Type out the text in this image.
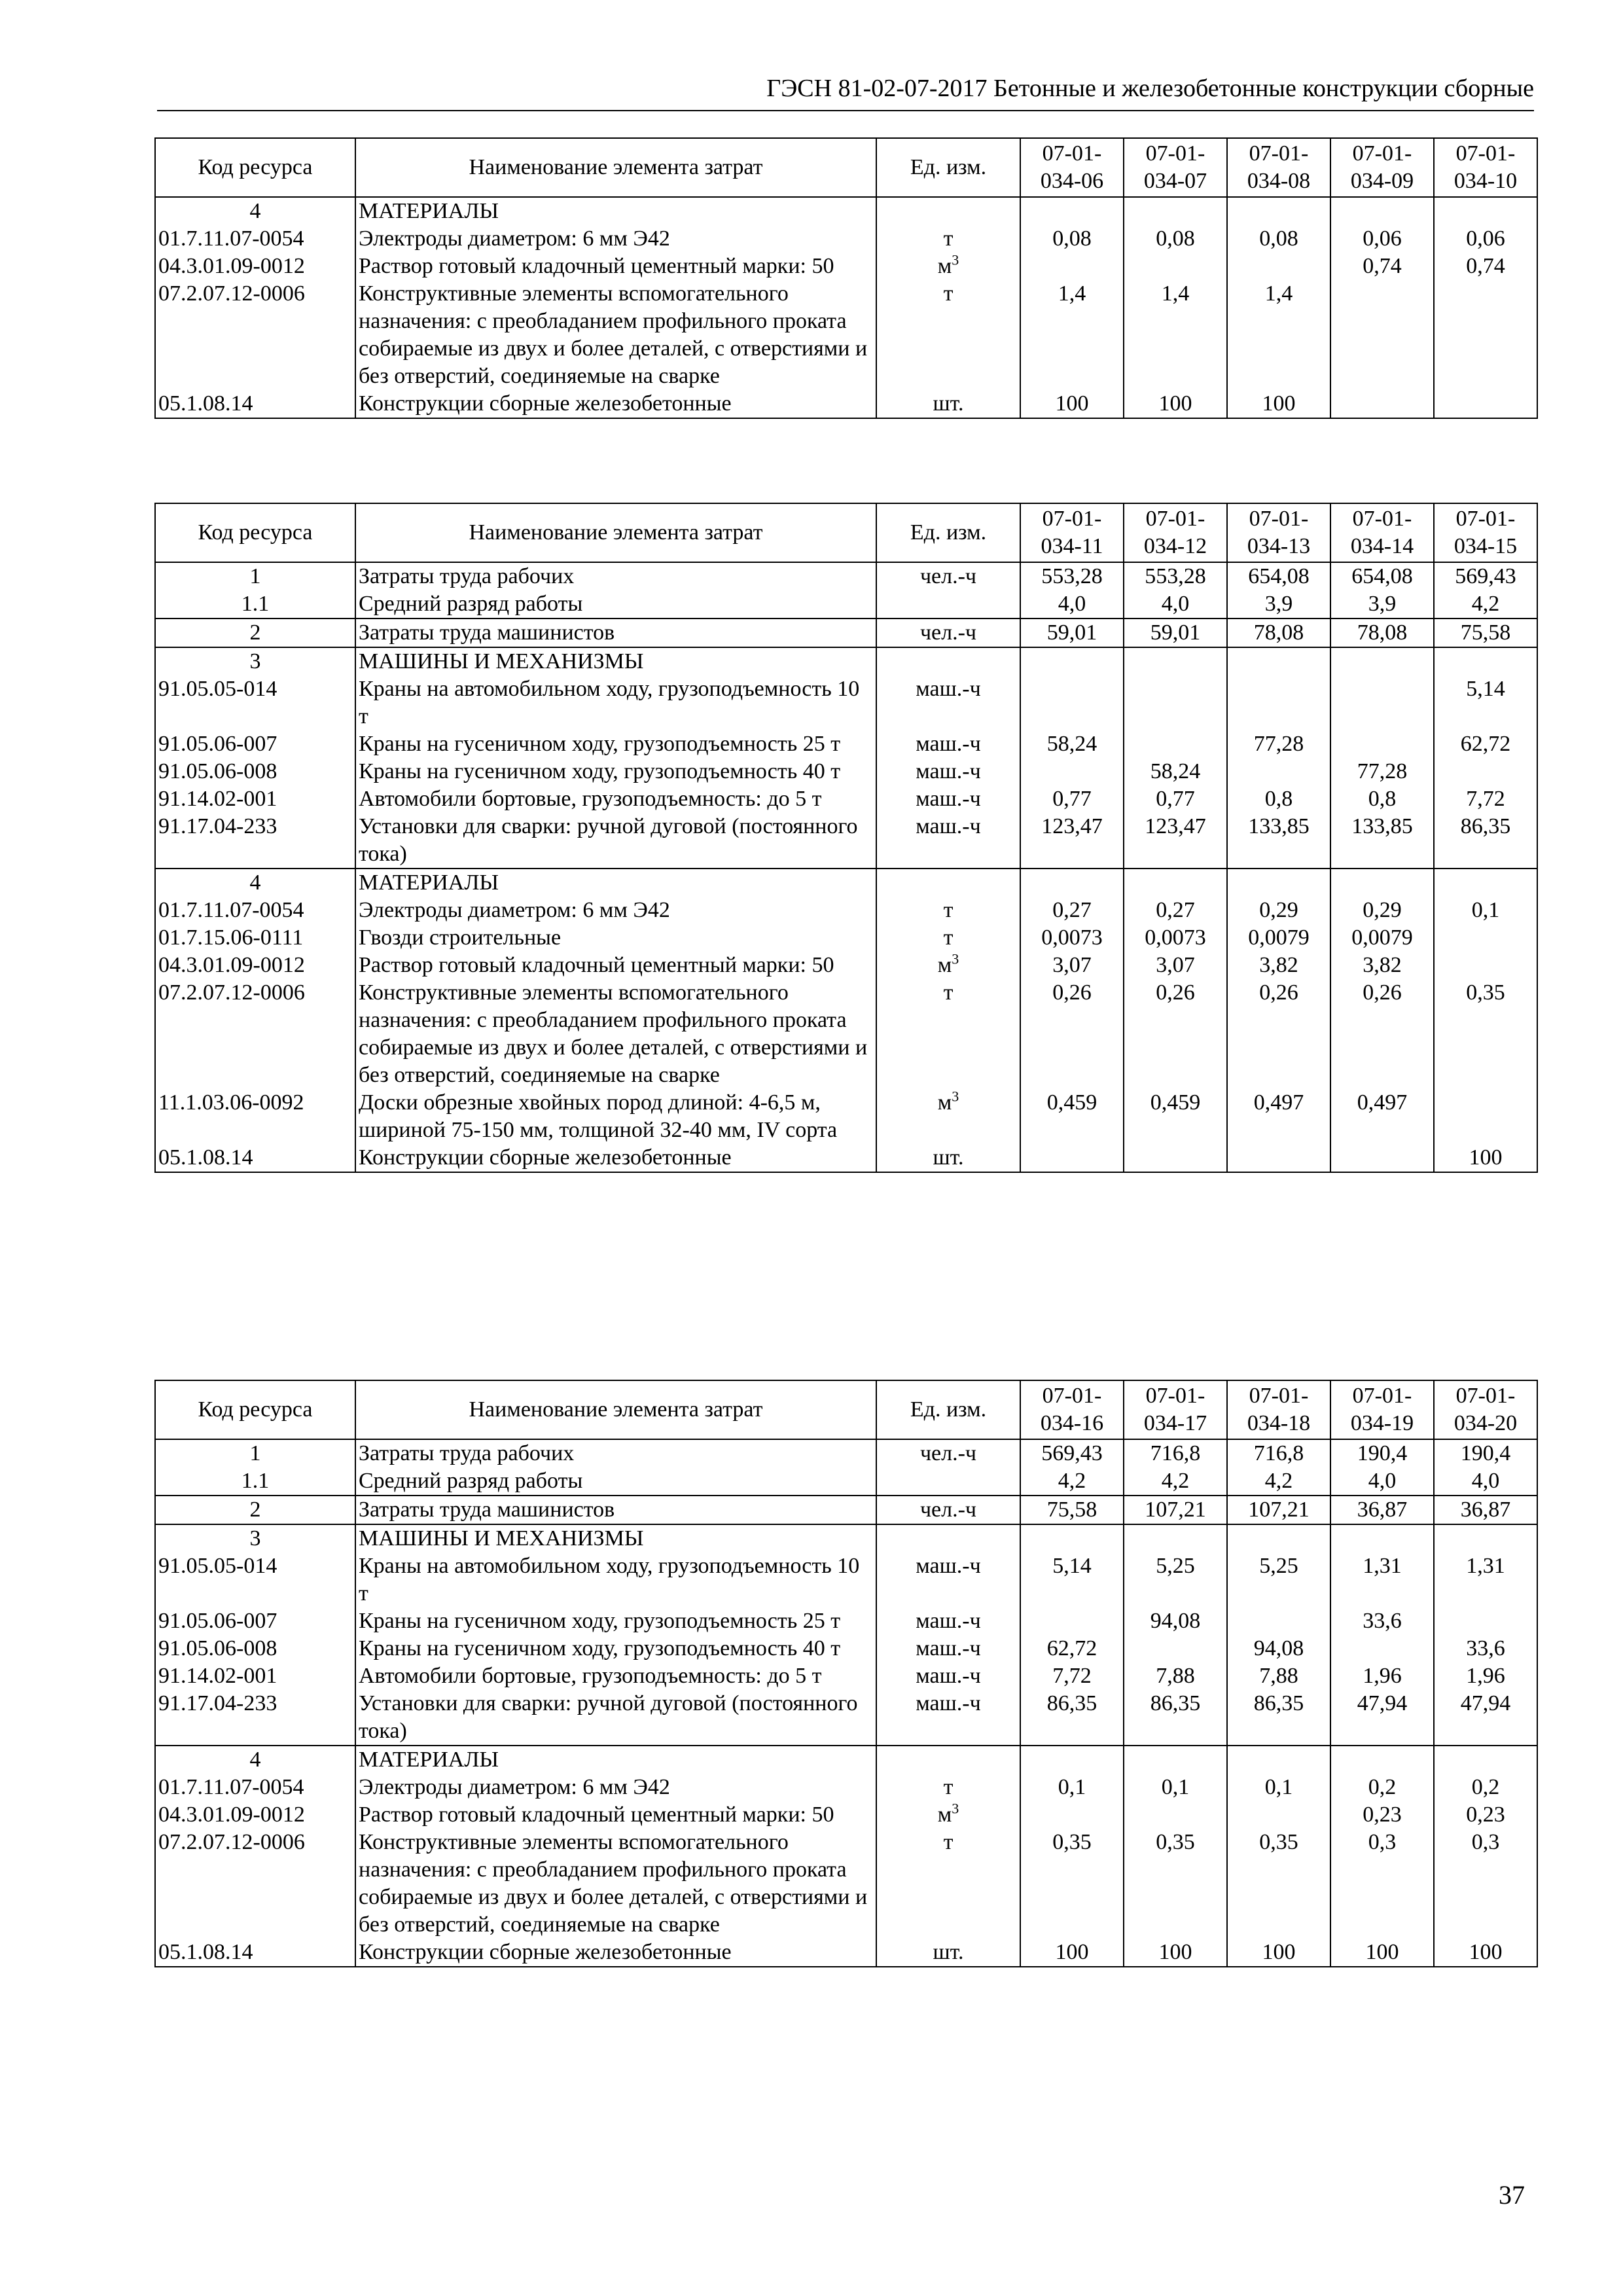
ГЭСН 81-02-07-2017 Бетонные и железобетонные конструкции сборные
Код ресурса	Наименование элемента затрат	Ед. изм.	07-01-034-06	07-01-034-07	07-01-034-08	07-01-034-09	07-01-034-10
4	МАТЕРИАЛЫ						
01.7.11.07-0054	Электроды диаметром: 6 мм Э42	т	0,08	0,08	0,08	0,06	0,06
04.3.01.09-0012	Раствор готовый кладочный цементный марки: 50	$м^3$				0,74	0,74
07.2.07.12-0006	Конструктивные элементы вспомогательного назначения: с преобладанием профильного проката собираемые из двух и более деталей, с отверстиями и без отверстий, соединяемые на сварке	т	1,4	1,4	1,4		
05.1.08.14	Конструкции сборные железобетонные	шт.	100	100	100		
Код ресурса	Наименование элемента затрат	Ед. изм.	07-01-034-11	07-01-034-12	07-01-034-13	07-01-034-14	07-01-034-15
1	Затраты труда рабочих	чел.-ч	553,28	553,28	654,08	654,08	569,43
1.1	Средний разряд работы		4,0	4,0	3,9	3,9	4,2
2	Затраты труда машинистов	чел.-ч	59,01	59,01	78,08	78,08	75,58
3	МАШИНЫ И МЕХАНИЗМЫ						
91.05.05-014	Краны на автомобильном ходу, грузоподъемность 10 т	маш.-ч					5,14
91.05.06-007	Краны на гусеничном ходу, грузоподъемность 25 т	маш.-ч	58,24		77,28		62,72
91.05.06-008	Краны на гусеничном ходу, грузоподъемность 40 т	маш.-ч		58,24		77,28	
91.14.02-001	Автомобили бортовые, грузоподъемность: до 5 т	маш.-ч	0,77	0,77	0,8	0,8	7,72
91.17.04-233	Установки для сварки: ручной дуговой (постоянного тока)	маш.-ч	123,47	123,47	133,85	133,85	86,35
4	МАТЕРИАЛЫ						
01.7.11.07-0054	Электроды диаметром: 6 мм Э42	т	0,27	0,27	0,29	0,29	0,1
01.7.15.06-0111	Гвозди строительные	т	0,0073	0,0073	0,0079	0,0079	
04.3.01.09-0012	Раствор готовый кладочный цементный марки: 50	$м^3$	3,07	3,07	3,82	3,82	
07.2.07.12-0006	Конструктивные элементы вспомогательного назначения: с преобладанием профильного проката собираемые из двух и более деталей, с отверстиями и без отверстий, соединяемые на сварке	т	0,26	0,26	0,26	0,26	0,35
11.1.03.06-0092	Доски обрезные хвойных пород длиной: 4-6,5 м, шириной 75-150 мм, толщиной 32-40 мм, IV сорта	$м^3$	0,459	0,459	0,497	0,497	
05.1.08.14	Конструкции сборные железобетонные	шт.					100
Код ресурса	Наименование элемента затрат	Ед. изм.	07-01-034-16	07-01-034-17	07-01-034-18	07-01-034-19	07-01-034-20
1	Затраты труда рабочих	чел.-ч	569,43	716,8	716,8	190,4	190,4
1.1	Средний разряд работы		4,2	4,2	4,2	4,0	4,0
2	Затраты труда машинистов	чел.-ч	75,58	107,21	107,21	36,87	36,87
3	МАШИНЫ И МЕХАНИЗМЫ						
91.05.05-014	Краны на автомобильном ходу, грузоподъемность 10 т	маш.-ч	5,14	5,25	5,25	1,31	1,31
91.05.06-007	Краны на гусеничном ходу, грузоподъемность 25 т	маш.-ч		94,08		33,6	
91.05.06-008	Краны на гусеничном ходу, грузоподъемность 40 т	маш.-ч	62,72		94,08		33,6
91.14.02-001	Автомобили бортовые, грузоподъемность: до 5 т	маш.-ч	7,72	7,88	7,88	1,96	1,96
91.17.04-233	Установки для сварки: ручной дуговой (постоянного тока)	маш.-ч	86,35	86,35	86,35	47,94	47,94
4	МАТЕРИАЛЫ						
01.7.11.07-0054	Электроды диаметром: 6 мм Э42	т	0,1	0,1	0,1	0,2	0,2
04.3.01.09-0012	Раствор готовый кладочный цементный марки: 50	$м^3$				0,23	0,23
07.2.07.12-0006	Конструктивные элементы вспомогательного назначения: с преобладанием профильного проката собираемые из двух и более деталей, с отверстиями и без отверстий, соединяемые на сварке	т	0,35	0,35	0,35	0,3	0,3
05.1.08.14	Конструкции сборные железобетонные	шт.	100	100	100	100	100
37
